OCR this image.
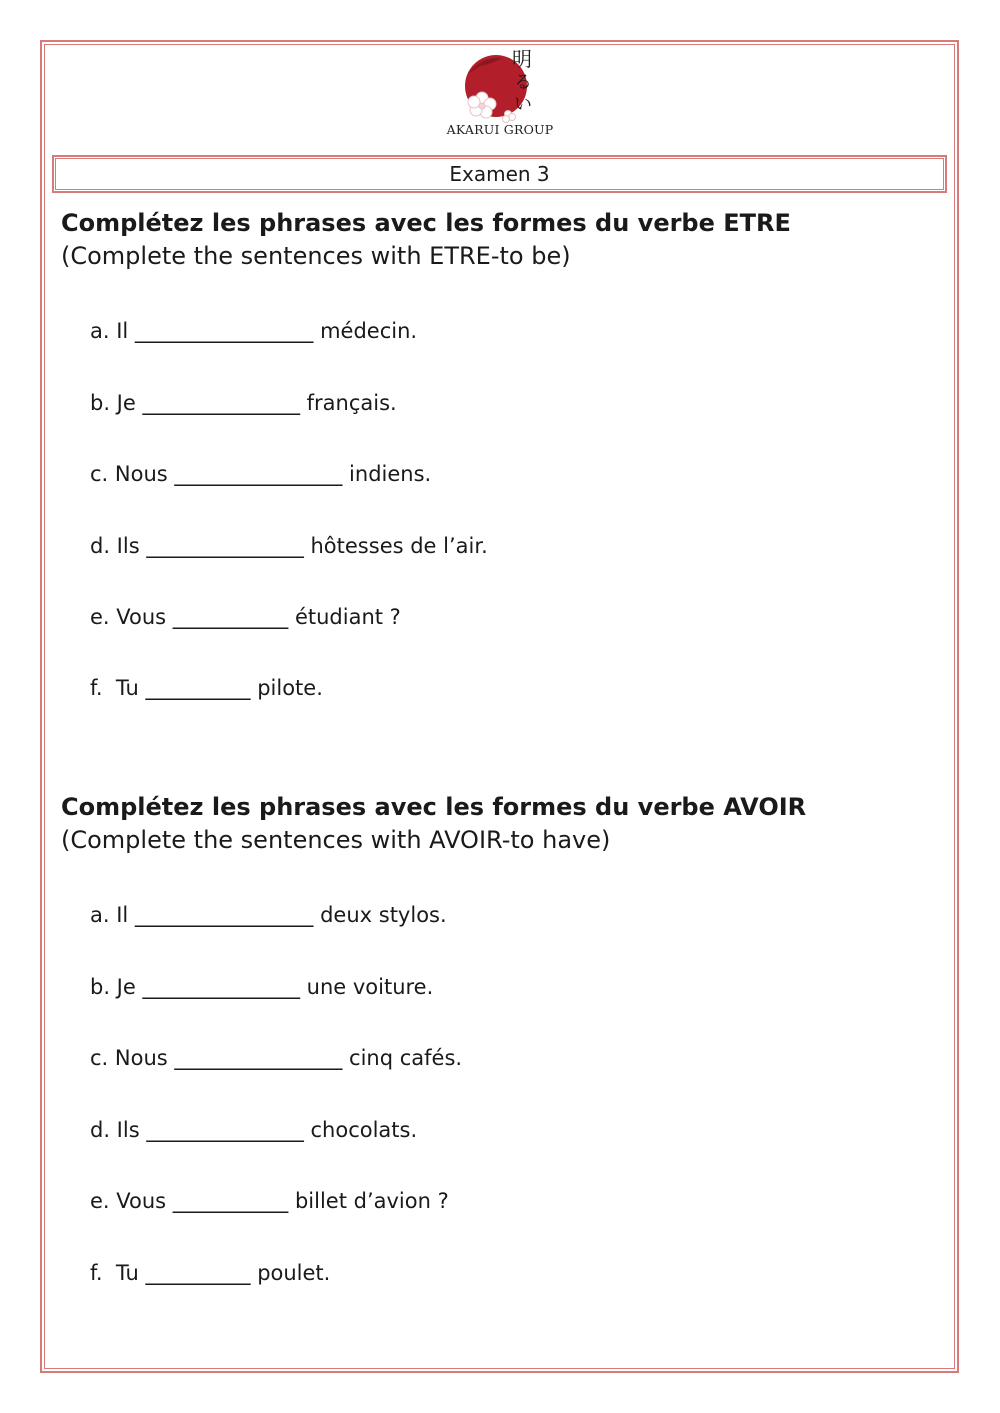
明
る
い
AKARUI GROUP
Examen 3
Complétez les phrases avec les formes du verbe ETRE
(Complete the sentences with ETRE-to be)
a. Il _________________ médecin.
b. Je _______________ français.
c. Nous ________________ indiens.
d. Ils _______________ hôtesses de l’air.
e. Vous ___________ étudiant ?
f.  Tu __________ pilote.
Complétez les phrases avec les formes du verbe AVOIR
(Complete the sentences with AVOIR-to have)
a. Il _________________ deux stylos.
b. Je _______________ une voiture.
c. Nous ________________ cinq cafés.
d. Ils _______________ chocolats.
e. Vous ___________ billet d’avion ?
f.  Tu __________ poulet.
